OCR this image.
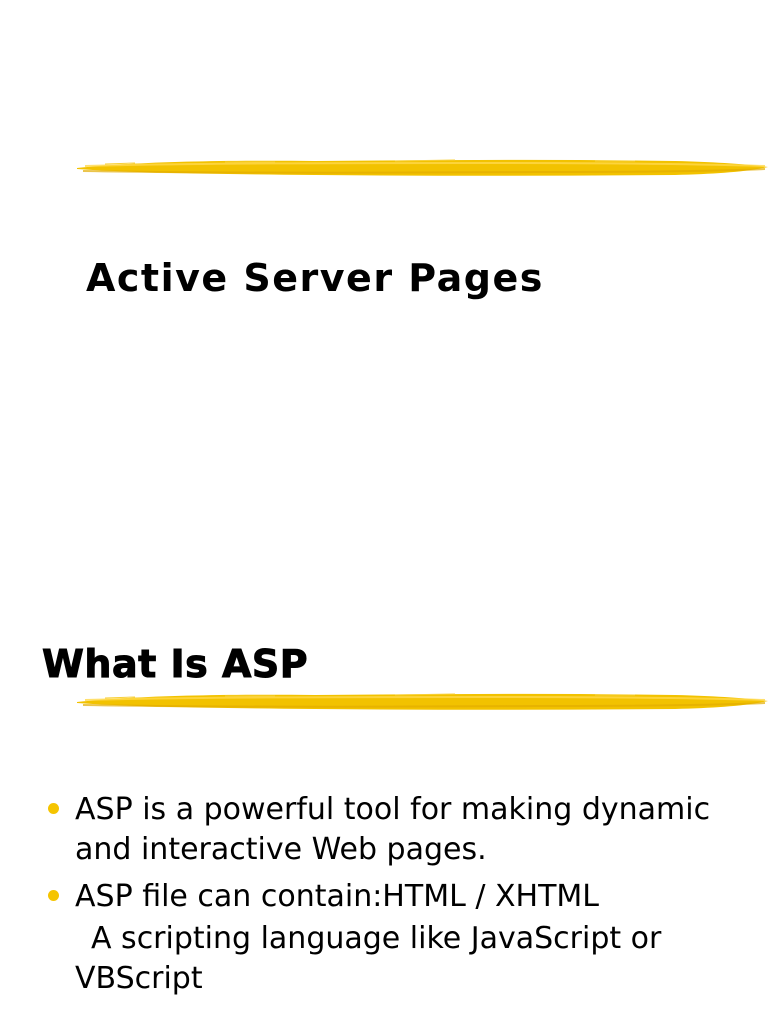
Active Server Pages
What Is ASP
ASP is a powerful tool for making dynamic and interactive Web pages.
ASP file can contain:HTML / XHTML
A scripting language like JavaScript or
VBScript
